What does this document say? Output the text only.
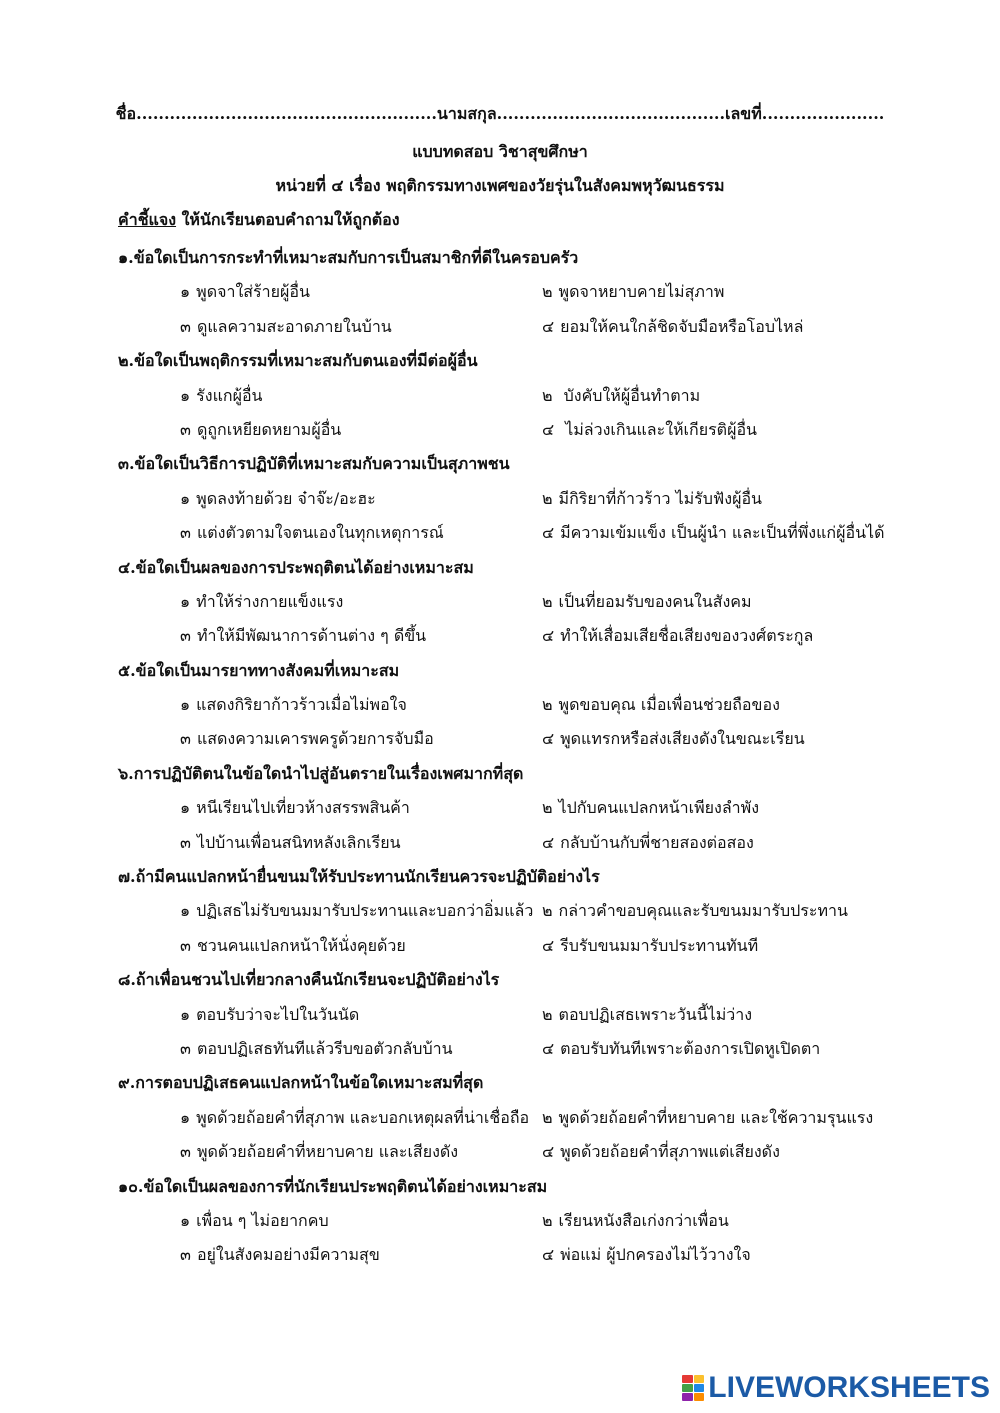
ชื่อ......................................................นามสกุล.........................................เลขที่......................
แบบทดสอบ วิชาสุขศึกษา
หน่วยที่ ๔ เรื่อง พฤติกรรมทางเพศของวัยรุ่นในสังคมพหุวัฒนธรรม
คำชี้แจง ให้นักเรียนตอบคำถามให้ถูกต้อง
๑.ข้อใดเป็นการกระทำที่เหมาะสมกับการเป็นสมาชิกที่ดีในครอบครัว
๑ พูดจาใส่ร้ายผู้อื่น	๒ พูดจาหยาบคายไม่สุภาพ
๓ ดูแลความสะอาดภายในบ้าน	๔ ยอมให้คนใกล้ชิดจับมือหรือโอบไหล่
๒.ข้อใดเป็นพฤติกรรมที่เหมาะสมกับตนเองที่มีต่อผู้อื่น
๑ รังแกผู้อื่น	๒ บังคับให้ผู้อื่นทำตาม
๓ ดูถูกเหยียดหยามผู้อื่น	๔ ไม่ล่วงเกินและให้เกียรติผู้อื่น
๓.ข้อใดเป็นวิธีการปฏิบัติที่เหมาะสมกับความเป็นสุภาพชน
๑ พูดลงท้ายด้วย จ๋าจ๊ะ/อะฮะ	๒ มีกิริยาที่ก้าวร้าว ไม่รับฟังผู้อื่น
๓ แต่งตัวตามใจตนเองในทุกเหตุการณ์	๔ มีความเข้มแข็ง เป็นผู้นำ และเป็นที่พึ่งแก่ผู้อื่นได้
๔.ข้อใดเป็นผลของการประพฤติตนได้อย่างเหมาะสม
๑ ทำให้ร่างกายแข็งแรง	๒ เป็นที่ยอมรับของคนในสังคม
๓ ทำให้มีพัฒนาการด้านต่าง ๆ ดีขึ้น	๔ ทำให้เสื่อมเสียชื่อเสียงของวงศ์ตระกูล
๕.ข้อใดเป็นมารยาททางสังคมที่เหมาะสม
๑ แสดงกิริยาก้าวร้าวเมื่อไม่พอใจ	๒ พูดขอบคุณ เมื่อเพื่อนช่วยถือของ
๓ แสดงความเคารพครูด้วยการจับมือ	๔ พูดแทรกหรือส่งเสียงดังในขณะเรียน
๖.การปฏิบัติตนในข้อใดนำไปสู่อันตรายในเรื่องเพศมากที่สุด
๑ หนีเรียนไปเที่ยวห้างสรรพสินค้า	๒ ไปกับคนแปลกหน้าเพียงลำพัง
๓ ไปบ้านเพื่อนสนิทหลังเลิกเรียน	๔ กลับบ้านกับพี่ชายสองต่อสอง
๗.ถ้ามีคนแปลกหน้ายื่นขนมให้รับประทานนักเรียนควรจะปฏิบัติอย่างไร
๑ ปฏิเสธไม่รับขนมมารับประทานและบอกว่าอิ่มแล้ว ๒ กล่าวคำขอบคุณและรับขนมมารับประทาน
๓ ชวนคนแปลกหน้าให้นั่งคุยด้วย	๔ รีบรับขนมมารับประทานทันที
๘.ถ้าเพื่อนชวนไปเที่ยวกลางคืนนักเรียนจะปฏิบัติอย่างไร
๑ ตอบรับว่าจะไปในวันนัด	๒ ตอบปฏิเสธเพราะวันนี้ไม่ว่าง
๓ ตอบปฏิเสธทันทีแล้วรีบขอตัวกลับบ้าน	๔ ตอบรับทันทีเพราะต้องการเปิดหูเปิดตา
๙.การตอบปฏิเสธคนแปลกหน้าในข้อใดเหมาะสมที่สุด
๑ พูดด้วยถ้อยคำที่สุภาพ และบอกเหตุผลที่น่าเชื่อถือ ๒ พูดด้วยถ้อยคำที่หยาบคาย และใช้ความรุนแรง
๓ พูดด้วยถ้อยคำที่หยาบคาย และเสียงดัง	๔ พูดด้วยถ้อยคำที่สุภาพแต่เสียงดัง
๑๐.ข้อใดเป็นผลของการที่นักเรียนประพฤติตนได้อย่างเหมาะสม
๑ เพื่อน ๆ ไม่อยากคบ	๒ เรียนหนังสือเก่งกว่าเพื่อน
๓ อยู่ในสังคมอย่างมีความสุข	๔ พ่อแม่ ผู้ปกครองไม่ไว้วางใจ
LIVEWORKSHEETS
